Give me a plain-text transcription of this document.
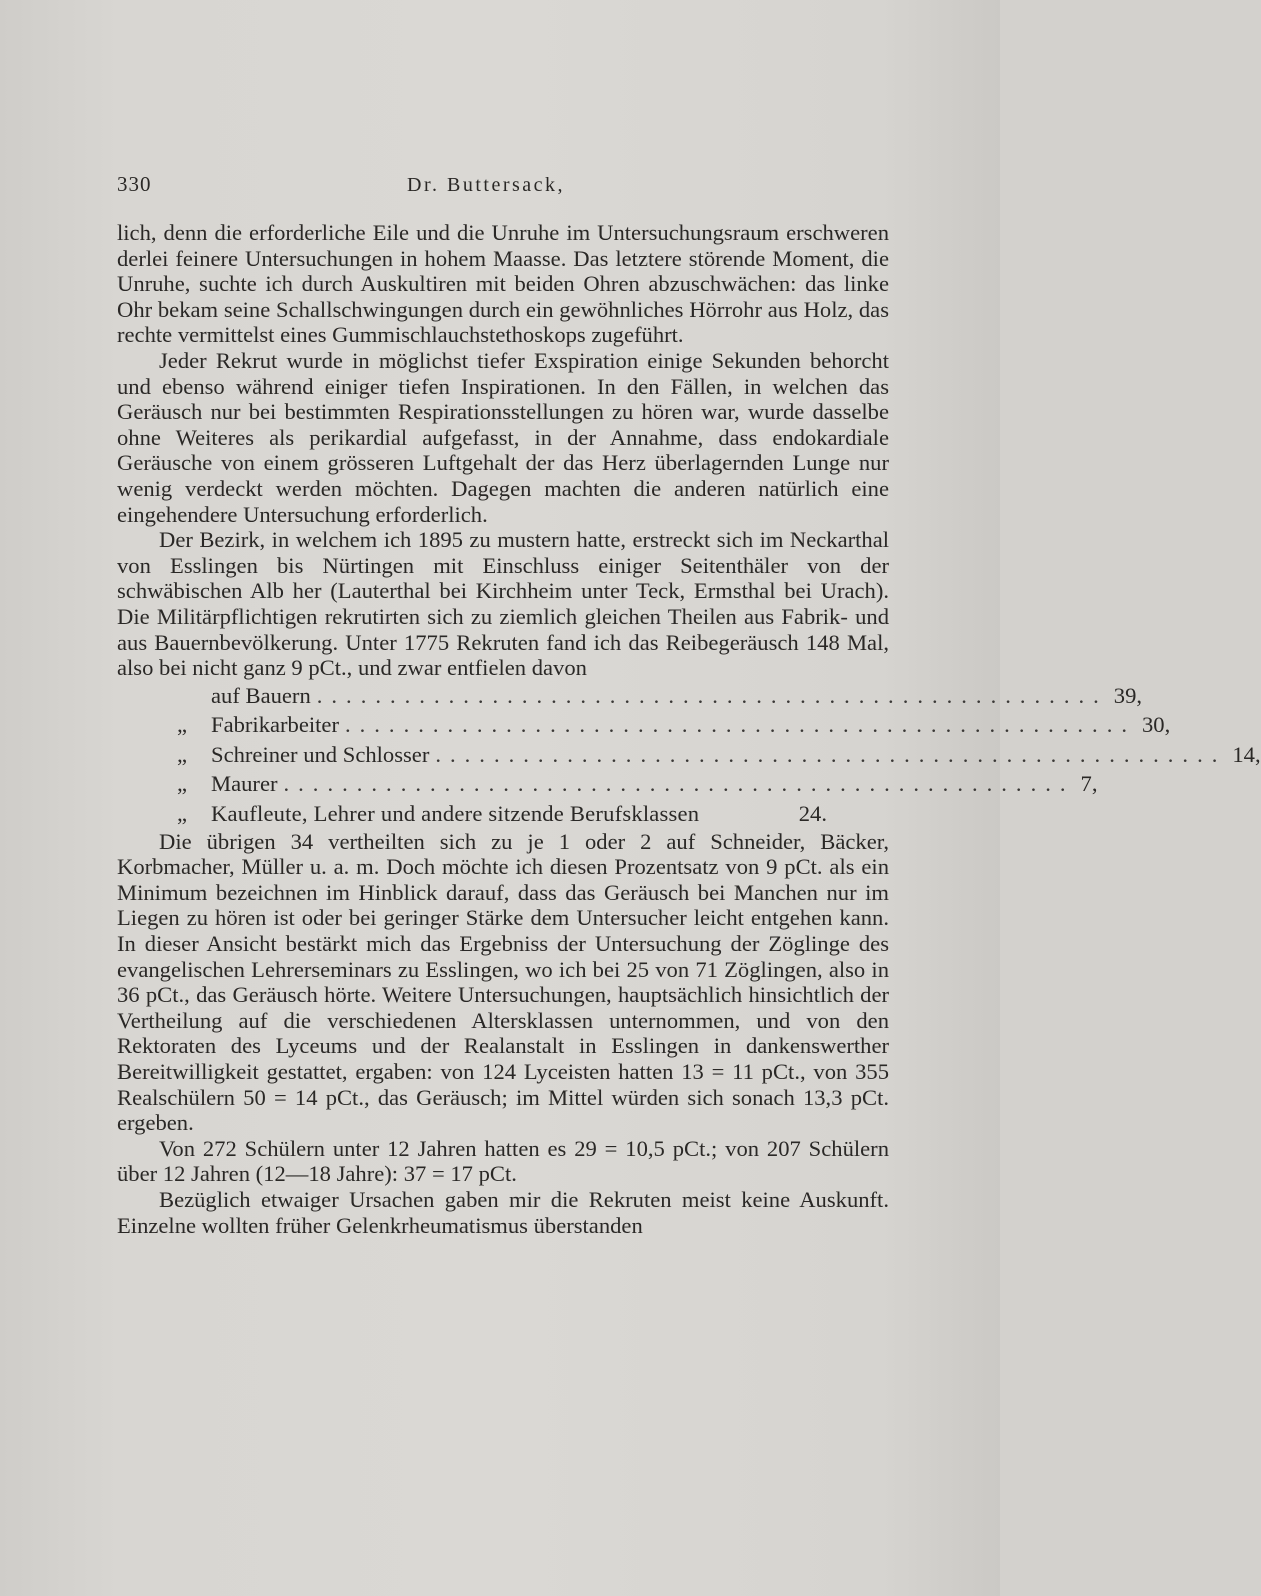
330	Dr. Buttersack,

lich, denn die erforderliche Eile und die Unruhe im Untersuchungsraum erschweren derlei feinere Untersuchungen in hohem Maasse. Das letztere störende Moment, die Unruhe, suchte ich durch Auskultiren mit beiden Ohren abzuschwächen: das linke Ohr bekam seine Schallschwingungen durch ein gewöhnliches Hörrohr aus Holz, das rechte vermittelst eines Gummischlauchstethoskops zugeführt.

Jeder Rekrut wurde in möglichst tiefer Exspiration einige Sekunden behorcht und ebenso während einiger tiefen Inspirationen. In den Fällen, in welchen das Geräusch nur bei bestimmten Respirationsstellungen zu hören war, wurde dasselbe ohne Weiteres als perikardial aufgefasst, in der Annahme, dass endokardiale Geräusche von einem grösseren Luftgehalt der das Herz überlagernden Lunge nur wenig verdeckt werden möchten. Dagegen machten die anderen natürlich eine eingehendere Untersuchung erforderlich.

Der Bezirk, in welchem ich 1895 zu mustern hatte, erstreckt sich im Neckarthal von Esslingen bis Nürtingen mit Einschluss einiger Seitenthäler von der schwäbischen Alb her (Lauterthal bei Kirchheim unter Teck, Ermsthal bei Urach). Die Militärpflichtigen rekrutirten sich zu ziemlich gleichen Theilen aus Fabrik- und aus Bauernbevölkerung. Unter 1775 Rekruten fand ich das Reibegeräusch 148 Mal, also bei nicht ganz 9 pCt., und zwar entfielen davon

auf Bauern ...................................................... 39,
„	Fabrikarbeiter ...................................................... 30,
„	Schreiner und Schlosser ...................................................... 14,
„	Maurer ...................................................... 7,
„	Kaufleute, Lehrer und andere sitzende Berufsklassen	24.

Die übrigen 34 vertheilten sich zu je 1 oder 2 auf Schneider, Bäcker, Korbmacher, Müller u. a. m. Doch möchte ich diesen Prozentsatz von 9 pCt. als ein Minimum bezeichnen im Hinblick darauf, dass das Geräusch bei Manchen nur im Liegen zu hören ist oder bei geringer Stärke dem Untersucher leicht entgehen kann. In dieser Ansicht bestärkt mich das Ergebniss der Untersuchung der Zöglinge des evangelischen Lehrerseminars zu Esslingen, wo ich bei 25 von 71 Zöglingen, also in 36 pCt., das Geräusch hörte. Weitere Untersuchungen, hauptsächlich hinsichtlich der Vertheilung auf die verschiedenen Altersklassen unternommen, und von den Rektoraten des Lyceums und der Realanstalt in Esslingen in dankenswerther Bereitwilligkeit gestattet, ergaben: von 124 Lyceisten hatten 13 = 11 pCt., von 355 Realschülern 50 = 14 pCt., das Geräusch; im Mittel würden sich sonach 13,3 pCt. ergeben.

Von 272 Schülern unter 12 Jahren hatten es 29 = 10,5 pCt.; von 207 Schülern über 12 Jahren (12—18 Jahre): 37 = 17 pCt.

Bezüglich etwaiger Ursachen gaben mir die Rekruten meist keine Auskunft. Einzelne wollten früher Gelenkrheumatismus überstanden
